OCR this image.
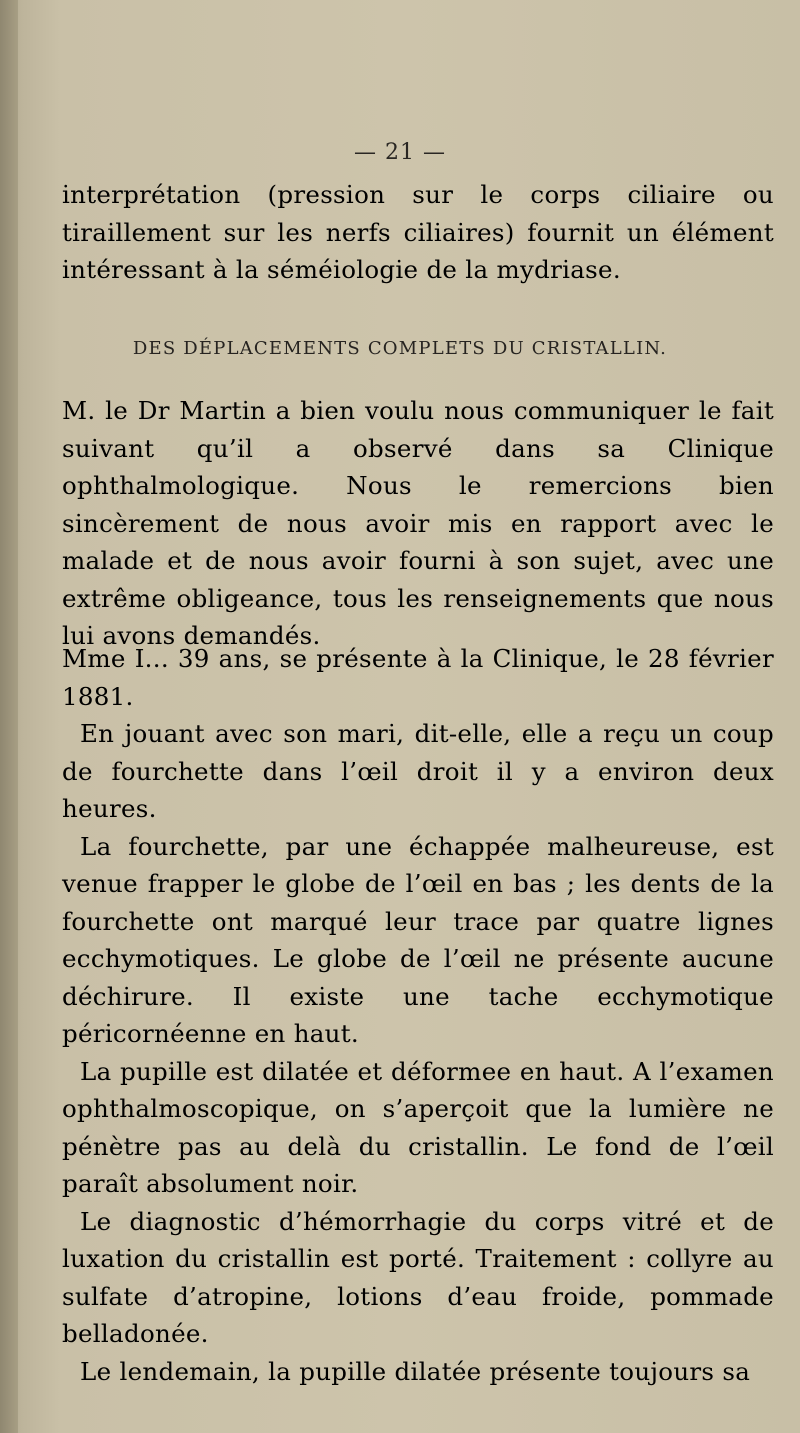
— 21 —

interprétation (pression sur le corps ciliaire ou tiraillement sur les nerfs ciliaires) fournit un élément intéressant à la séméiologie de la mydriase.

DES DÉPLACEMENTS COMPLETS DU CRISTALLIN.

M. le Dr Martin a bien voulu nous communiquer le fait suivant qu’il a observé dans sa Clinique ophthalmologique. Nous le remercions bien sincèrement de nous avoir mis en rapport avec le malade et de nous avoir fourni à son sujet, avec une extrême obligeance, tous les renseignements que nous lui avons demandés.

Mme I... 39 ans, se présente à la Clinique, le 28 février 1881.

En jouant avec son mari, dit-elle, elle a reçu un coup de fourchette dans l’œil droit il y a environ deux heures.

La fourchette, par une échappée malheureuse, est venue frapper le globe de l’œil en bas ; les dents de la fourchette ont marqué leur trace par quatre lignes ecchymotiques. Le globe de l’œil ne présente aucune déchirure. Il existe une tache ecchymotique péricornéenne en haut.

La pupille est dilatée et déformee en haut. A l’examen ophthalmoscopique, on s’aperçoit que la lumière ne pénètre pas au delà du cristallin. Le fond de l’œil paraît absolument noir.

Le diagnostic d’hémorrhagie du corps vitré et de luxation du cristallin est porté. Traitement : collyre au sulfate d’atropine, lotions d’eau froide, pommade belladonée.

Le lendemain, la pupille dilatée présente toujours sa
